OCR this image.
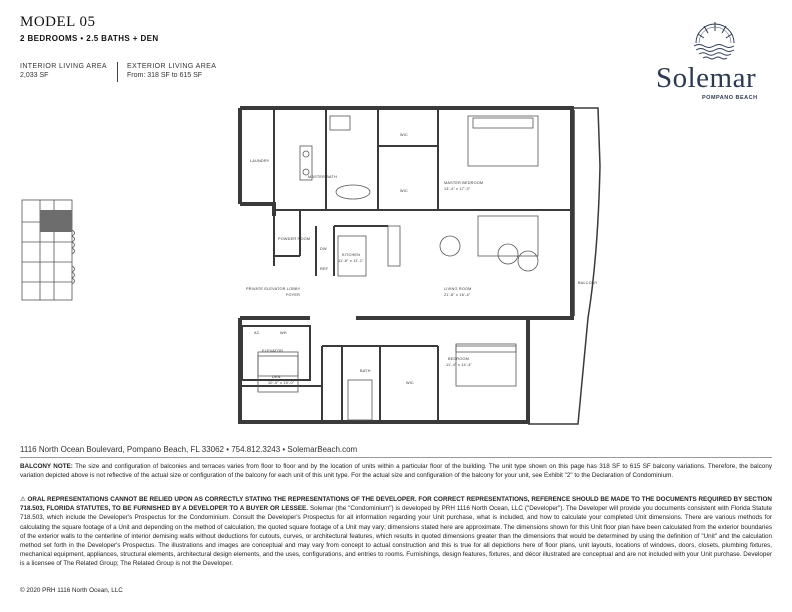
MODEL 05
2 BEDROOMS • 2.5 BATHS + DEN
INTERIOR LIVING AREA
2,033 SF
EXTERIOR LIVING AREA
From: 318 SF to 615 SF	Solemar
POMPANO BEACH
LAUNDRY
MASTER BATH
WIC
WIC
MASTER BEDROOM
13'-4" x 17'-3"
POWDER ROOM
KITCHEN
11'-8" x 11'-1"
DW
REF
PRIVATE ELEVATOR LOBBY
FOYER
LIVING ROOM
21'-8" x 16'-4"
BALCONY
ELEVATOR
DEN
10'-0" x 10'-0"
BATH
WIC
BEDROOM
11'-4" x 14'-4"
AC	WH
1116 North Ocean Boulevard, Pompano Beach, FL 33062 • 754.812.3243 • SolemarBeach.com
BALCONY NOTE: The size and configuration of balconies and terraces varies from floor to floor and by the location of units within a particular floor of the building. The unit type shown on this page has 318 SF to 615 SF balcony variations. Therefore, the balcony variation depicted above is not reflective of the actual size or configuration of the balcony for each unit of this unit type. For the actual size and configuration of the balcony for your unit, see Exhibit "2" to the Declaration of Condominium.
⚠ ORAL REPRESENTATIONS CANNOT BE RELIED UPON AS CORRECTLY STATING THE REPRESENTATIONS OF THE DEVELOPER. FOR CORRECT REPRESENTATIONS, REFERENCE SHOULD BE MADE TO THE DOCUMENTS REQUIRED BY SECTION 718.503, FLORIDA STATUTES, TO BE FURNISHED BY A DEVELOPER TO A BUYER OR LESSEE. Solemar (the "Condominium") is developed by PRH 1116 North Ocean, LLC ("Developer"). The Developer will provide you documents consistent with Florida Statute 718.503, which include the Developer's Prospectus for the Condominium. Consult the Developer's Prospectus for all information regarding your Unit purchase, what is included, and how to calculate your completed Unit dimensions. There are various methods for calculating the square footage of a Unit and depending on the method of calculation, the quoted square footage of a Unit may vary; dimensions stated here are approximate. The dimensions shown for this Unit floor plan have been calculated from the exterior boundaries of the exterior walls to the centerline of interior demising walls without deductions for cutouts, curves, or architectural features, which results in quoted dimensions greater than the dimensions that would be determined by using the definition of "Unit" and the calculation method set forth in the Developer's Prospectus. The illustrations and images are conceptual and may vary from concept to actual construction and this is true for all depictions here of floor plans, unit layouts, locations of windows, doors, closets, plumbing fixtures, mechanical equipment, appliances, structural elements, architectural design elements, and the uses, configurations, and entries to rooms. Furnishings, design features, fixtures, and décor illustrated are conceptual and are not included with your Unit purchase. Developer is a licensee of The Related Group; The Related Group is not the Developer.
© 2020 PRH 1116 North Ocean, LLC
